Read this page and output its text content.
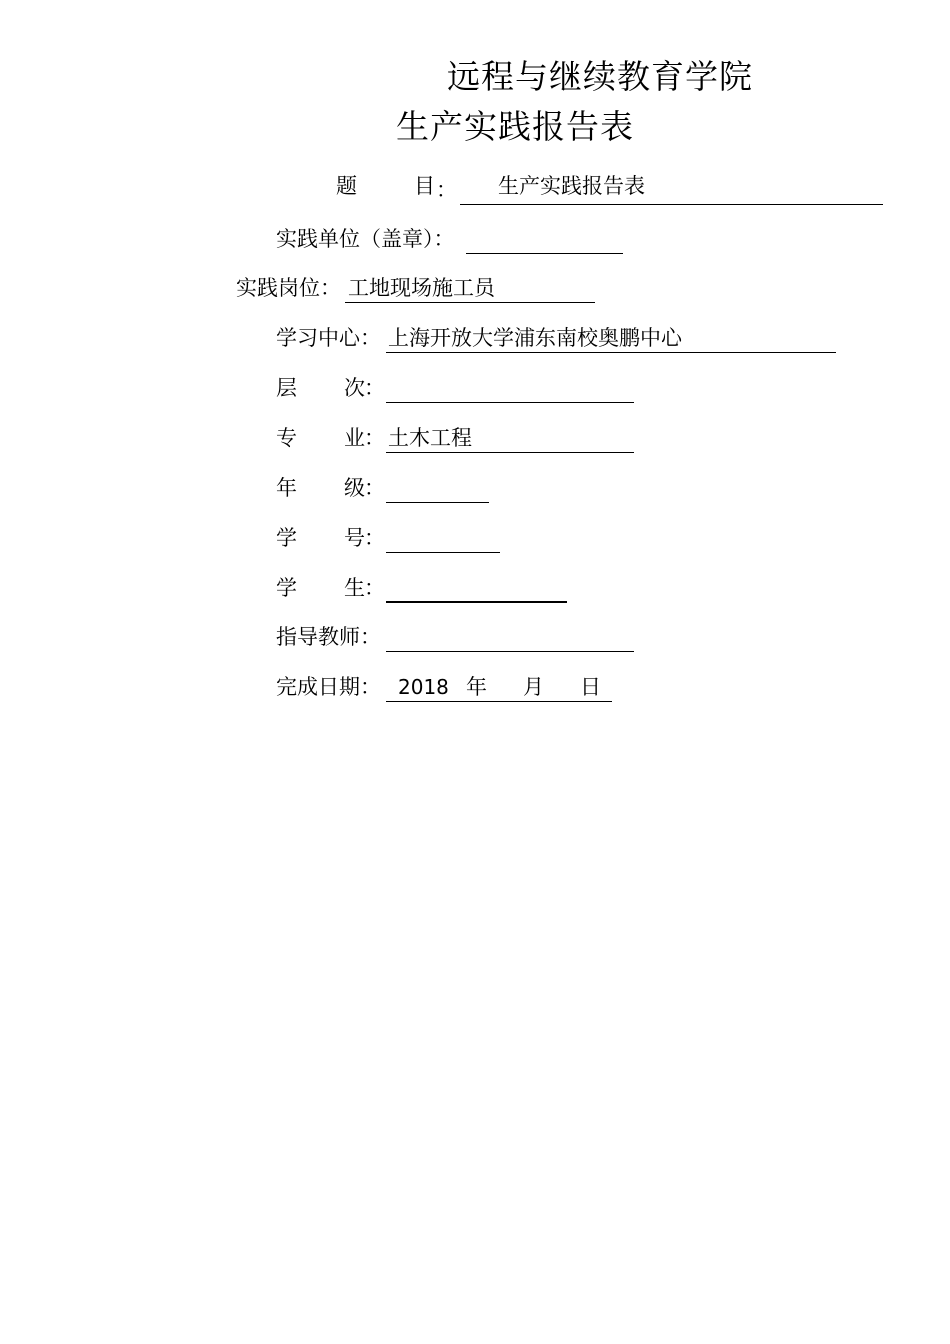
远程与继续教育学院
生产实践报告表
题	目 ： 生产实践报告表
实践单位（盖章）：
实践岗位： 工地现场施工员
学习中心： 上海开放大学浦东南校奥鹏中心
层 次 ：
专 业 ： 土木工程
年 级 ：
学 号 ：
学 生 ：
指导教师：
完成日期： 2018 年 月 日
